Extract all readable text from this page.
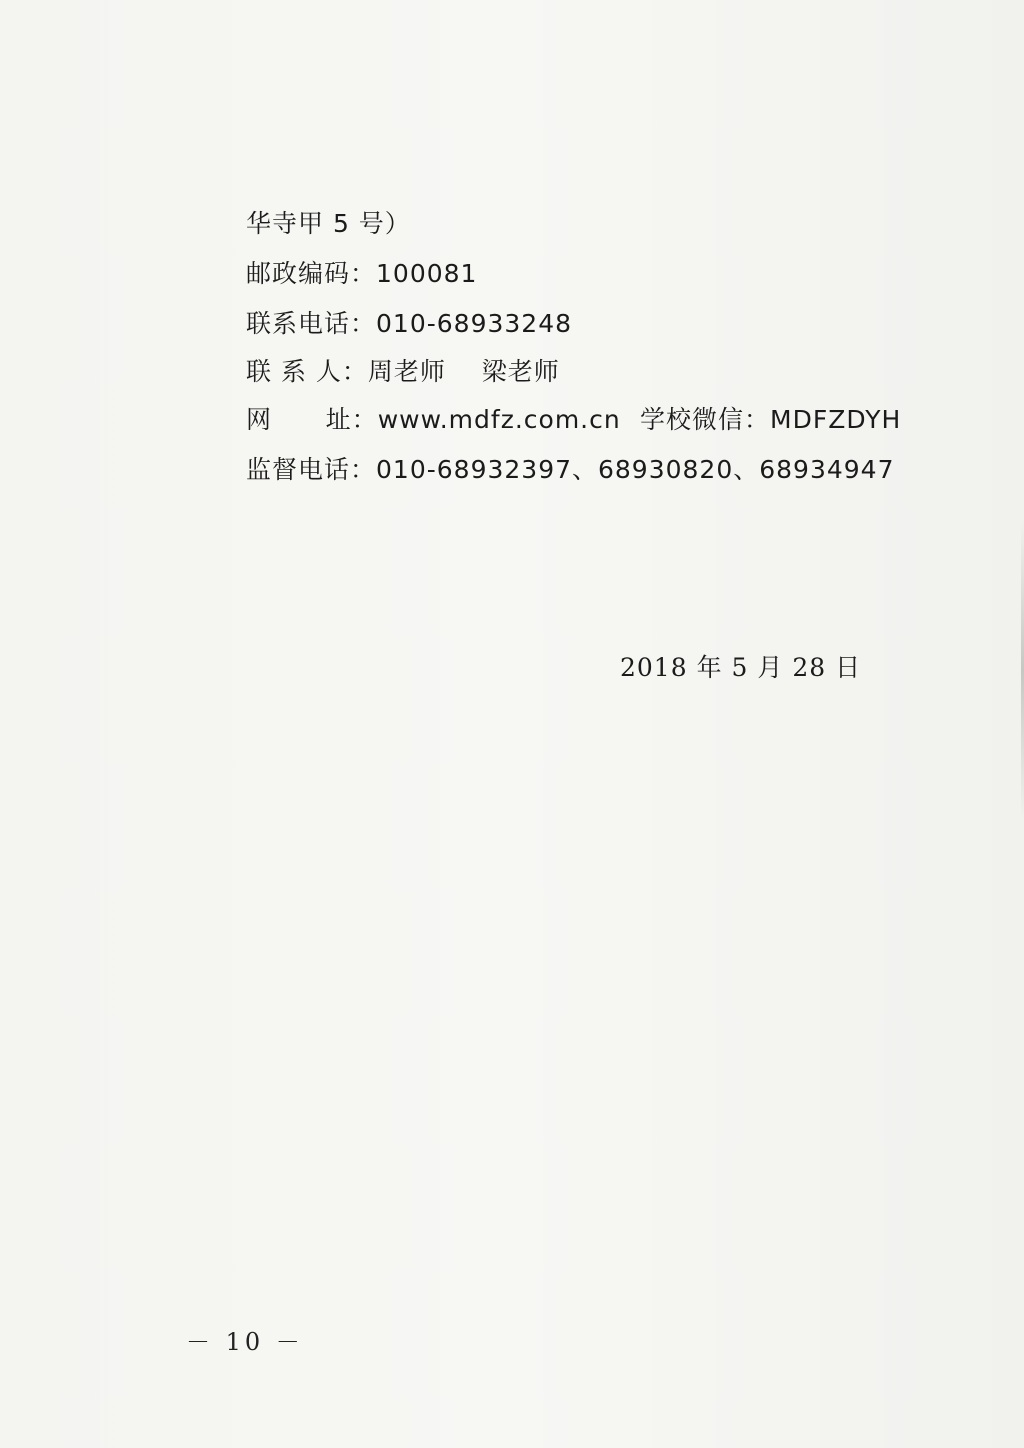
华寺甲 5 号）
邮政编码：100081
联系电话：010-68933248
联 系 人：周老师    梁老师
网      址：www.mdfz.com.cn 学校微信：MDFZDYH
监督电话：010-68932397、68930820、68934947
2018 年 5 月 28 日
－ 10 －
